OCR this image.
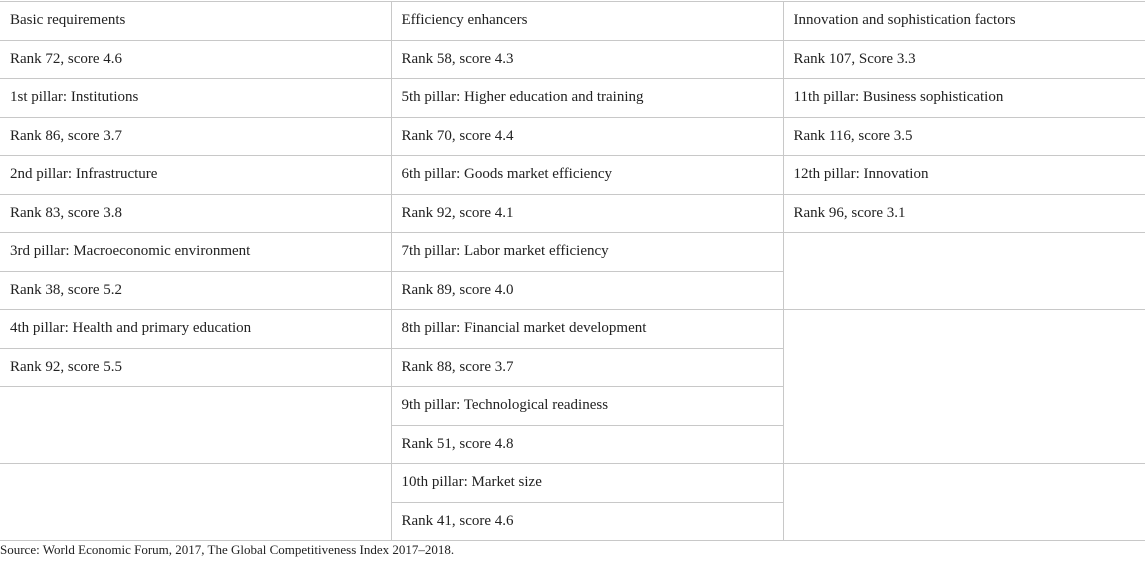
Basic requirements	Efficiency enhancers	Innovation and sophistication factors
Rank 72, score 4.6	Rank 58, score 4.3	Rank 107, Score 3.3
1st pillar: Institutions	5th pillar: Higher education and training	11th pillar: Business sophistication
Rank 86, score 3.7	Rank 70, score 4.4	Rank 116, score 3.5
2nd pillar: Infrastructure	6th pillar: Goods market efficiency	12th pillar: Innovation
Rank 83, score 3.8	Rank 92, score 4.1	Rank 96, score 3.1
3rd pillar: Macroeconomic environment	7th pillar: Labor market efficiency	
Rank 38, score 5.2	Rank 89, score 4.0	
4th pillar: Health and primary education	8th pillar: Financial market development	
Rank 92, score 5.5	Rank 88, score 3.7	
	9th pillar: Technological readiness	
	Rank 51, score 4.8	
	10th pillar: Market size	
	Rank 41, score 4.6	
Source: World Economic Forum, 2017, The Global Competitiveness Index 2017–2018.
